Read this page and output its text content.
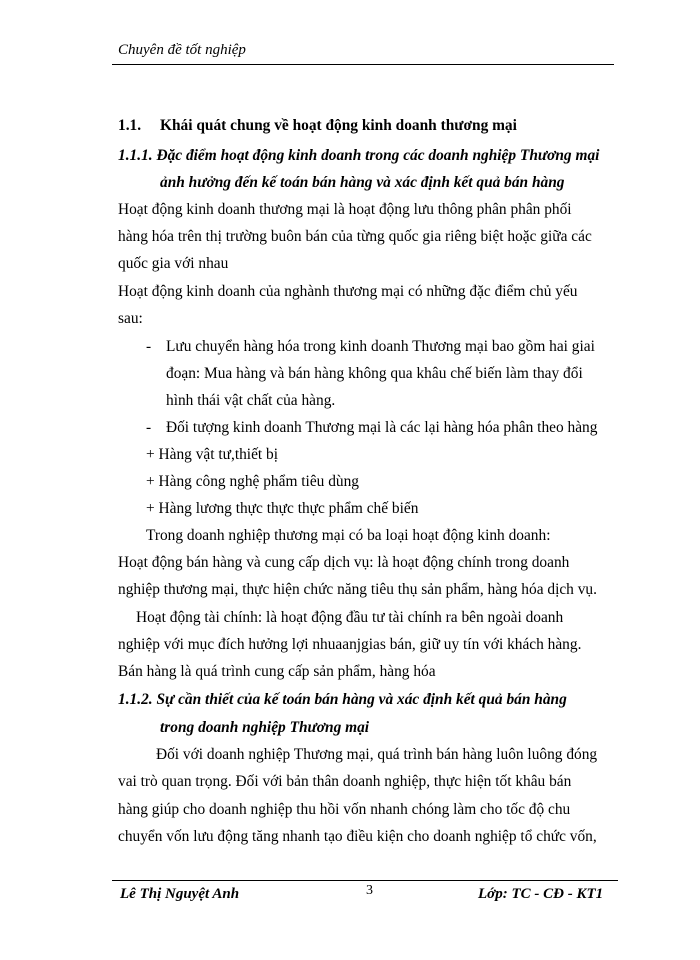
Chuyên đề tốt nghiệp
1.1. Khái quát chung về hoạt động kinh doanh thương mại
1.1.1. Đặc điểm hoạt động kinh doanh trong các doanh nghiệp Thương mại
ảnh hưởng đến kế toán bán hàng và xác định kết quả bán hàng
Hoạt động kinh doanh thương mại là hoạt động lưu thông phân phân phối
hàng hóa trên thị trường buôn bán của từng quốc gia riêng biệt hoặc giữa các
quốc gia với nhau
Hoạt động kinh doanh của nghành thương mại có những đặc điểm chủ yếu
sau:
- Lưu chuyển hàng hóa trong kinh doanh Thương mại bao gồm hai giai
đoạn: Mua hàng và bán hàng không qua khâu chế biến làm thay đổi
hình thái vật chất của hàng.
- Đối tượng kinh doanh Thương mại là các lại hàng hóa phân theo hàng
+ Hàng vật tư,thiết bị
+ Hàng công nghệ phẩm tiêu dùng
+ Hàng lương thực thực thực phẩm chế biến
Trong doanh nghiệp thương mại có ba loại hoạt động kinh doanh:
Hoạt động bán hàng và cung cấp dịch vụ: là hoạt động chính trong doanh
nghiệp thương mại, thực hiện chức năng tiêu thụ sản phẩm, hàng hóa dịch vụ.
Hoạt động tài chính: là hoạt động đầu tư tài chính ra bên ngoài doanh
nghiệp với mục đích hưởng lợi nhuaanjgias bán, giữ uy tín với khách hàng.
Bán hàng là quá trình cung cấp sản phẩm, hàng hóa
1.1.2. Sự cần thiết của kế toán bán hàng và xác định kết quả bán hàng
trong doanh nghiệp Thương mại
Đối với doanh nghiệp Thương mại, quá trình bán hàng luôn luông đóng
vai trò quan trọng. Đối với bản thân doanh nghiệp, thực hiện tốt khâu bán
hàng giúp cho doanh nghiệp thu hồi vốn nhanh chóng làm cho tốc độ chu
chuyển vốn lưu động tăng nhanh tạo điều kiện cho doanh nghiệp tổ chức vốn,
Lê Thị Nguyệt Anh	3	Lớp: TC - CĐ - KT1
